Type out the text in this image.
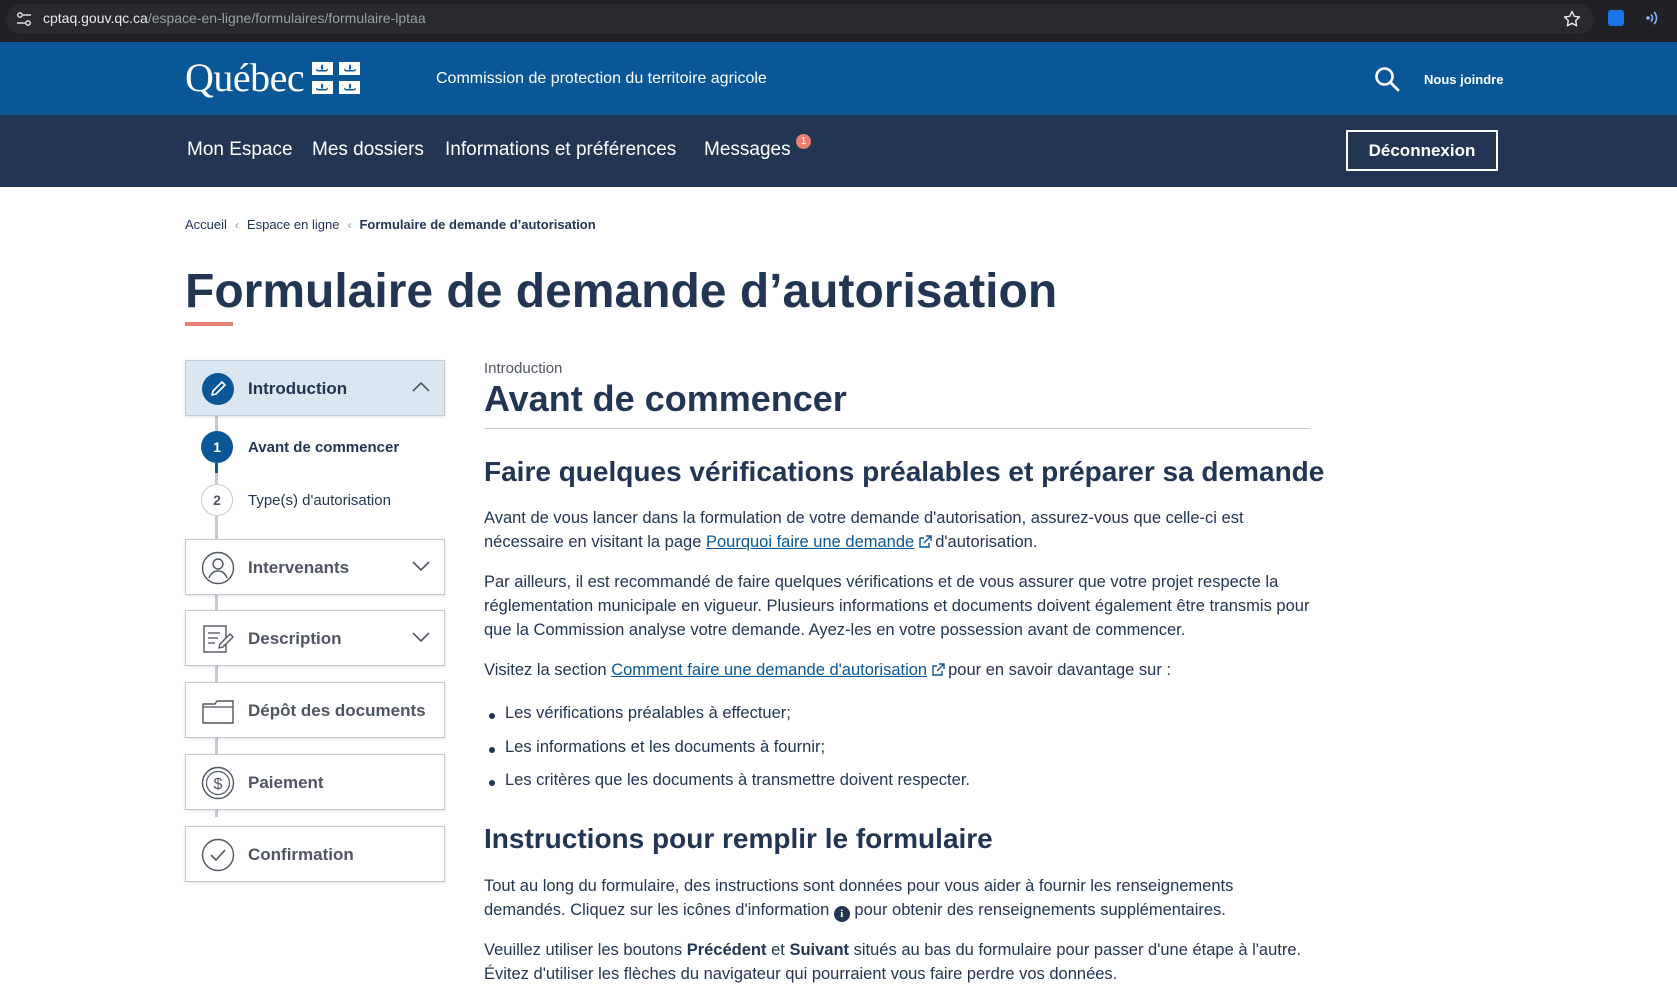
cptaq.gouv.qc.ca/espace-en-ligne/formulaires/formulaire-lptaa
Québec	Commission de protection du territoire agricole	Nous joindre
Mon Espace Mes dossiers Informations et préférences Messages	1	Déconnexion
Accueil ‹ Espace en ligne ‹ Formulaire de demande d’autorisation
Formulaire de demande d’autorisation
Introduction
1	Avant de commencer
2	Type(s) d'autorisation
Intervenants
Description
Dépôt des documents
$ Paiement
Confirmation
Introduction
Avant de commencer
Faire quelques vérifications préalables et préparer sa demande

Avant de vous lancer dans la formulation de votre demande d'autorisation, assurez-vous que celle-ci est nécessaire en visitant la page Pourquoi faire une demande d'autorisation.

Par ailleurs, il est recommandé de faire quelques vérifications et de vous assurer que votre projet respecte la réglementation municipale en vigueur. Plusieurs informations et documents doivent également être transmis pour que la Commission analyse votre demande. Ayez-les en votre possession avant de commencer.

Visitez la section Comment faire une demande d'autorisation pour en savoir davantage sur :

Les vérifications préalables à effectuer;
Les informations et les documents à fournir;
Les critères que les documents à transmettre doivent respecter.
Instructions pour remplir le formulaire

Tout au long du formulaire, des instructions sont données pour vous aider à fournir les renseignements demandés. Cliquez sur les icônes d'information i pour obtenir des renseignements supplémentaires.

Veuillez utiliser les boutons Précédent et Suivant situés au bas du formulaire pour passer d'une étape à l'autre. Évitez d'utiliser les flèches du navigateur qui pourraient vous faire perdre vos données.
